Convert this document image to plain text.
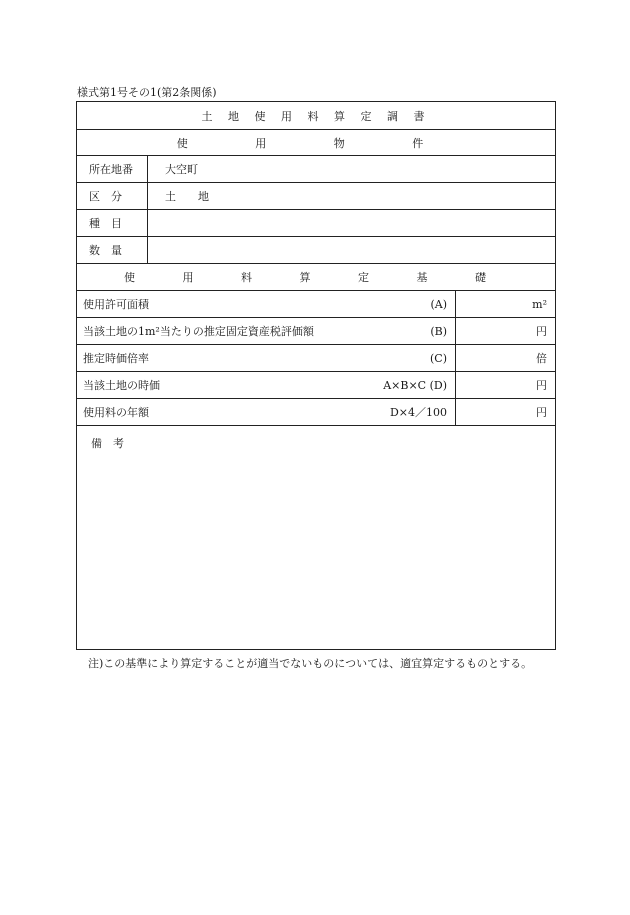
様式第1号その1(第2条関係)
土 地 使 用 料 算 定 調 書
使 用 物 件
所在地番	大空町
区　分	土　　地
種　目
数　量
使 用 料 算 定 基 礎
使用許可面積	(A)	m²
当該土地の1m²当たりの推定固定資産税評価額	(B)	円
推定時価倍率	(C)	倍
当該土地の時価	A×B×C (D)	円
使用料の年額	D×4／100	円
備　考
注)この基準により算定することが適当でないものについては、適宜算定するものとする。
